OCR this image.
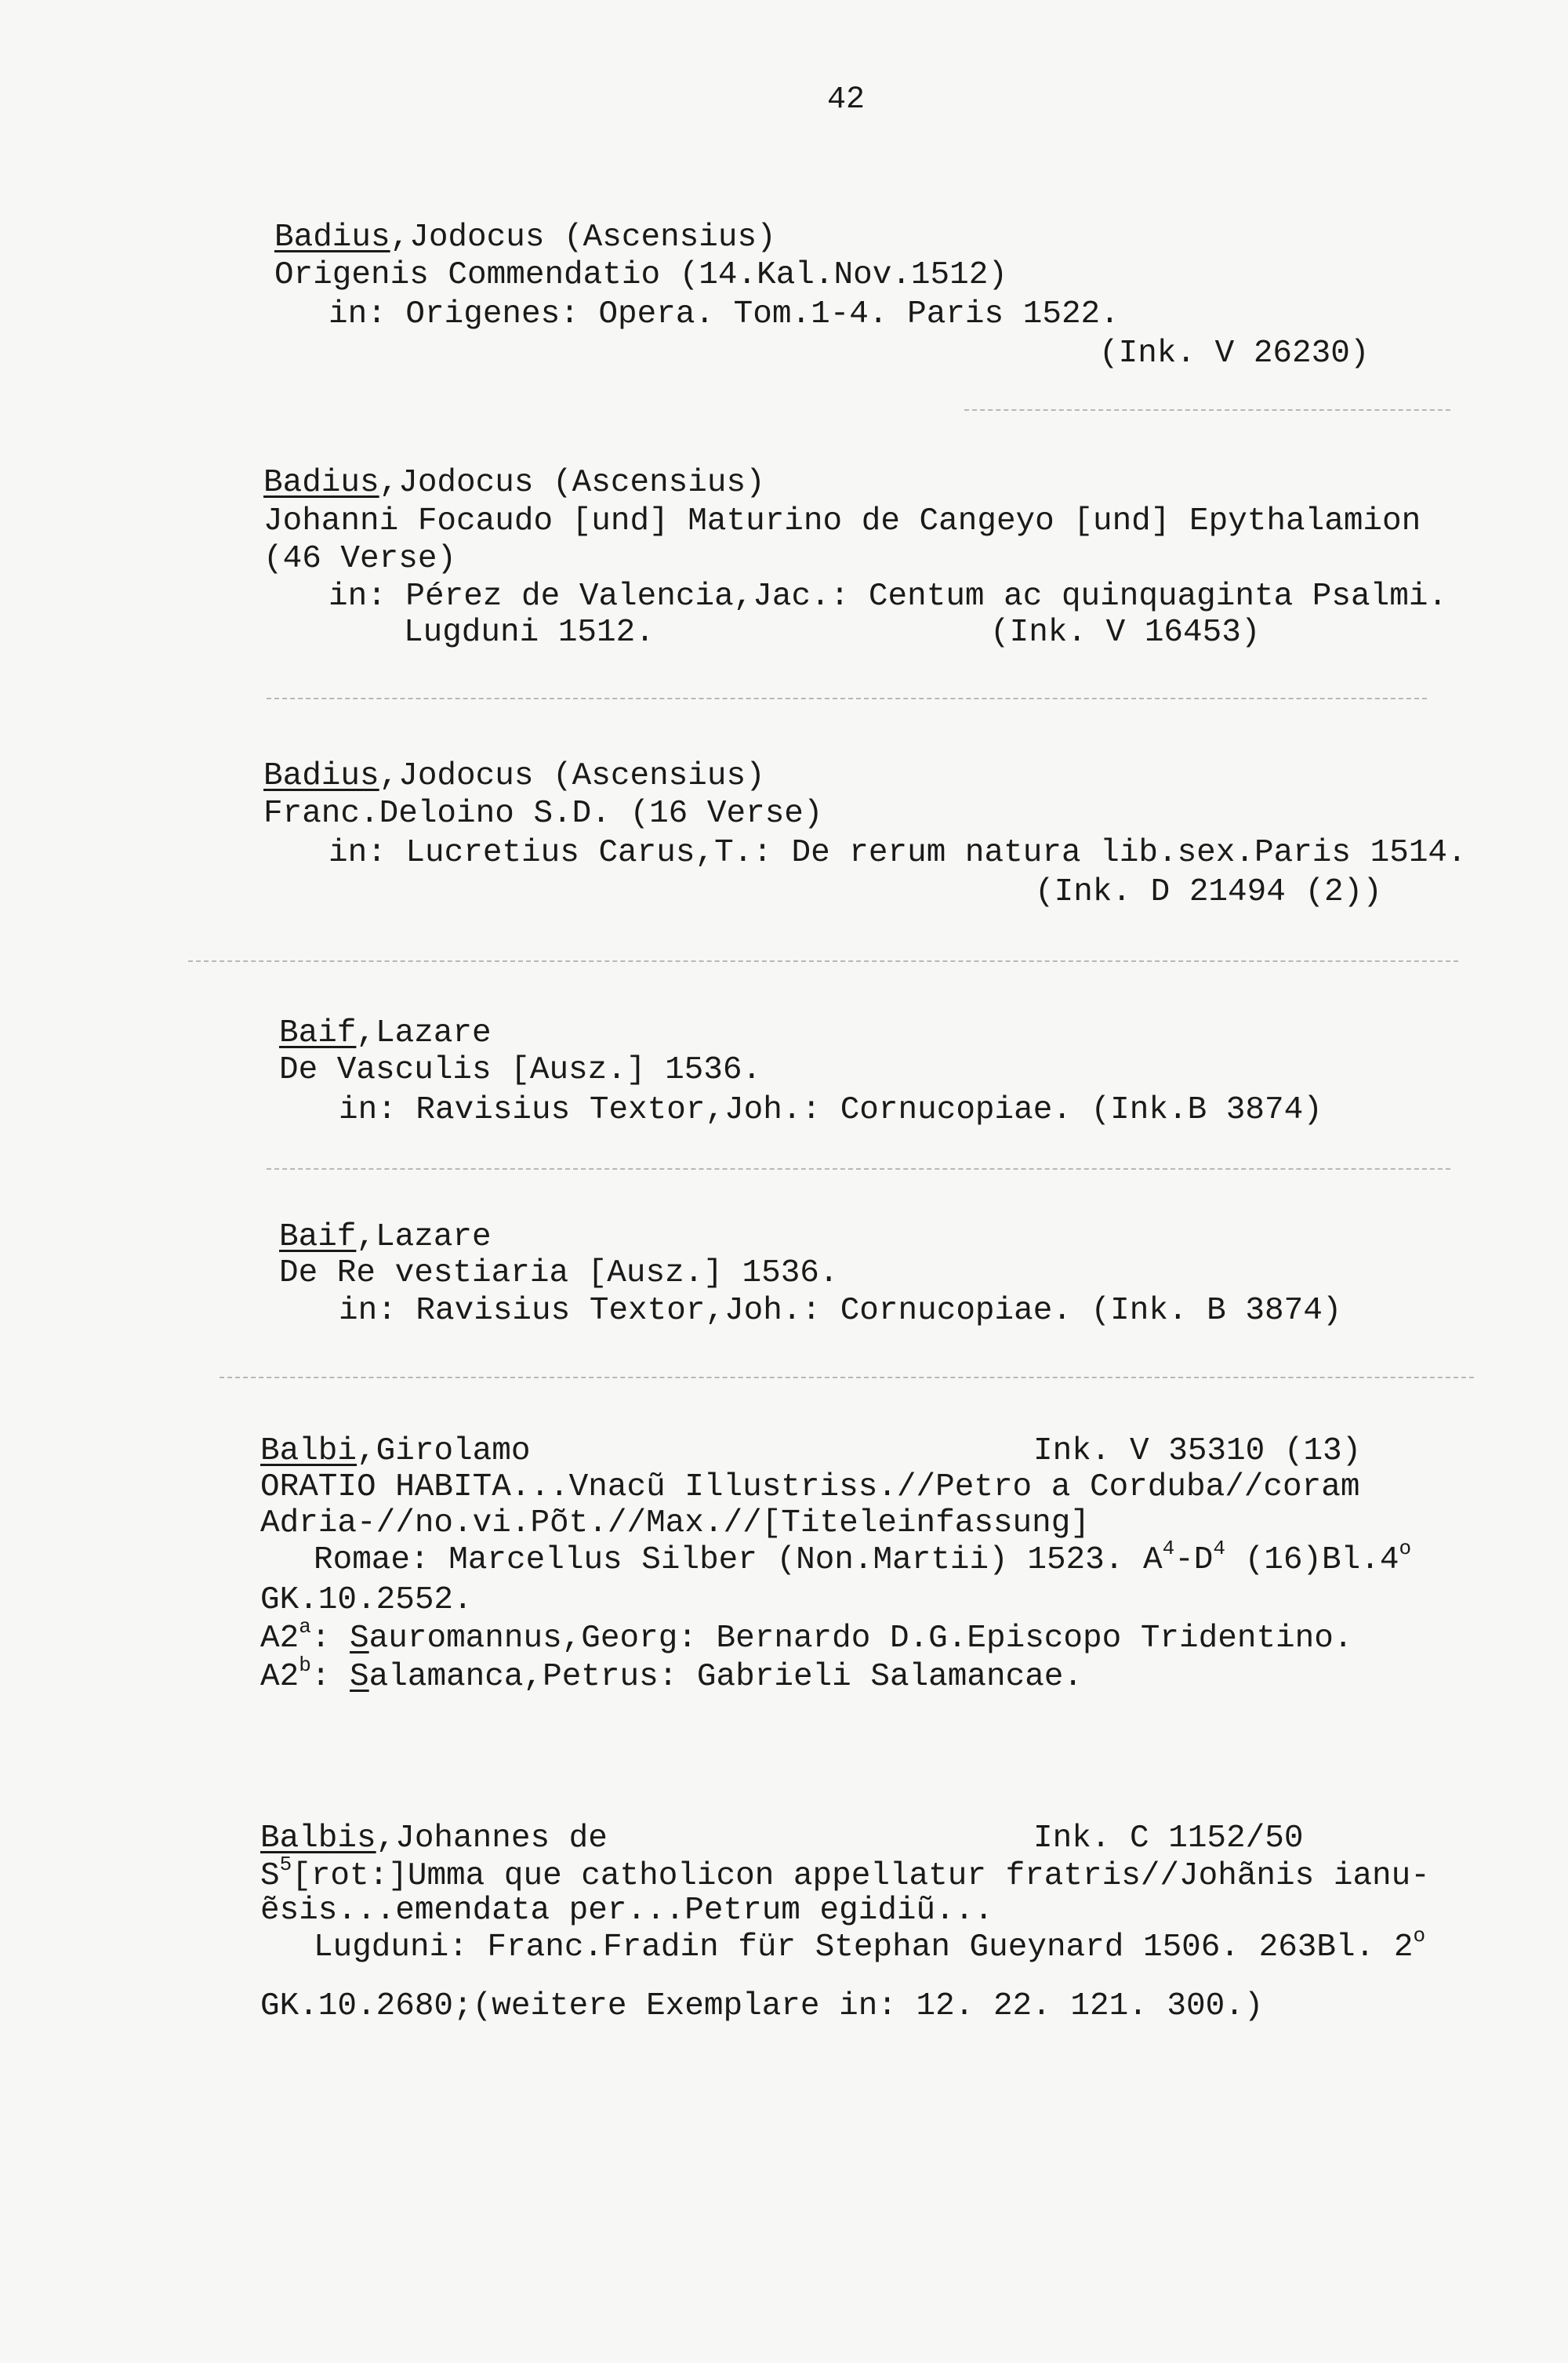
42
Badius,Jodocus (Ascensius)
Origenis Commendatio (14.Kal.Nov.1512)
in: Origenes: Opera. Tom.1-4. Paris 1522.
(Ink. V 26230)
Badius,Jodocus (Ascensius)
Johanni Focaudo [und] Maturino de Cangeyo [und] Epythalamion
(46 Verse)
in: Pérez de Valencia,Jac.: Centum ac quinquaginta Psalmi.
Lugduni 1512.	(Ink. V 16453)
Badius,Jodocus (Ascensius)
Franc.Deloino S.D. (16 Verse)
in: Lucretius Carus,T.: De rerum natura lib.sex.Paris 1514.
(Ink. D 21494 (2))
Baif,Lazare
De Vasculis [Ausz.] 1536.
in: Ravisius Textor,Joh.: Cornucopiae. (Ink.B 3874)
Baif,Lazare
De Re vestiaria [Ausz.] 1536.
in: Ravisius Textor,Joh.: Cornucopiae. (Ink. B 3874)
Balbi,Girolamo	Ink. V 35310 (13)
ORATIO HABITA...Vnacũ Illustriss.//Petro a Corduba//coram
Adria-//no.vi.Põt.//Max.//[Titeleinfassung]
Romae: Marcellus Silber (Non.Martii) 1523. $A^4-D^4$ (16)Bl.4$^o$
GK.10.2552.
A2$^a$: Sauromannus,Georg: Bernardo D.G.Episcopo Tridentino.
A2$^b$: Salamanca,Petrus: Gabrieli Salamancae.
Balbis,Johannes de	Ink. C 1152/50
$S^5[rot:]Umma$ que catholicon appellatur fratris//Johãnis ianu-
ẽsis...emendata per...Petrum egidiũ...
Lugduni: Franc.Fradin für Stephan Gueynard 1506. 263Bl. 2$^o$
GK.10.2680;(weitere Exemplare in: 12. 22. 121. 300.)
